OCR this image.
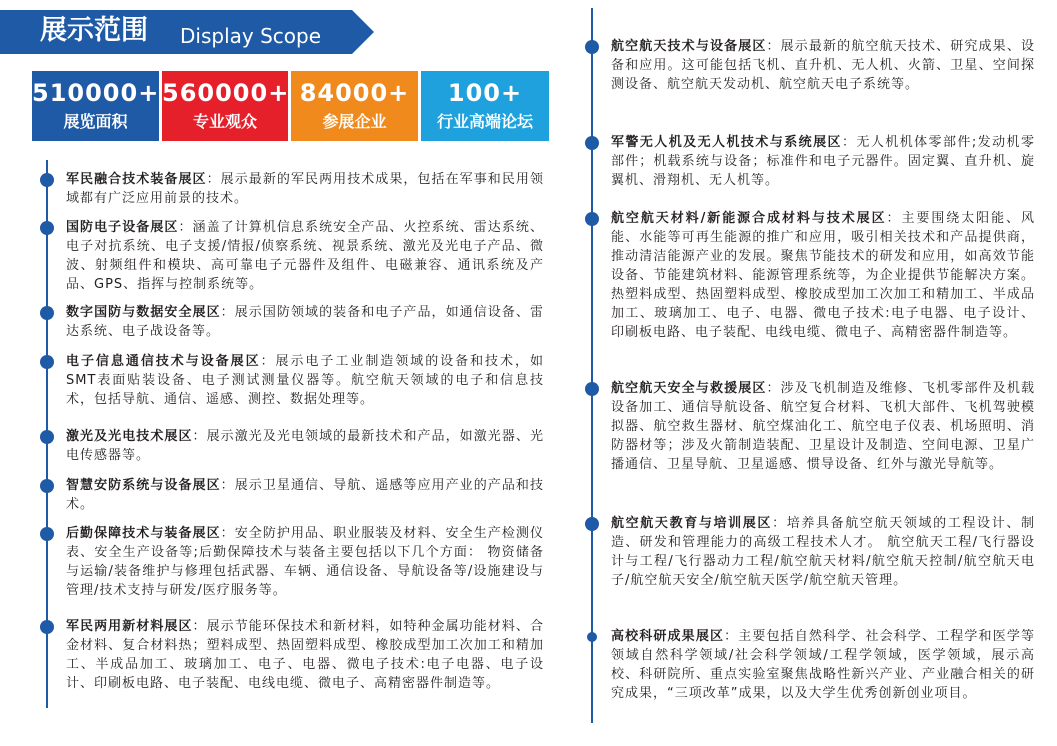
展示范围 Display Scope
510000+
展览面积
560000+
专业观众
84000+
参展企业
100+
行业高端论坛

军民融合技术装备展区：展示最新的军民两用技术成果，包括在军事和民用领域都有广泛应用前景的技术。

国防电子设备展区：涵盖了计算机信息系统安全产品、火控系统、雷达系统、电子对抗系统、电子支援/情报/侦察系统、视景系统、激光及光电子产品、微波、射频组件和模块、高可靠电子元器件及组件、电磁兼容、通讯系统及产品、GPS、指挥与控制系统等。

数字国防与数据安全展区：展示国防领域的装备和电子产品，如通信设备、雷达系统、电子战设备等。

电子信息通信技术与设备展区：展示电子工业制造领域的设备和技术，如SMT表面贴装设备、电子测试测量仪器等。航空航天领域的电子和信息技术，包括导航、通信、遥感、测控、数据处理等。

激光及光电技术展区：展示激光及光电领域的最新技术和产品，如激光器、光电传感器等。

智慧安防系统与设备展区：展示卫星通信、导航、遥感等应用产业的产品和技术。

后勤保障技术与装备展区：安全防护用品、职业服装及材料、安全生产检测仪表、安全生产设备等;后勤保障技术与装备主要包括以下几个方面： 物资储备与运输/装备维护与修理包括武器、车辆、通信设备、导航设备等/设施建设与管理/技术支持与研发/医疗服务等。

军民两用新材料展区：展示节能环保技术和新材料，如特种金属功能材料、合金材料、复合材料热；塑料成型、热固塑料成型、橡胶成型加工次加工和精加工、半成品加工、玻璃加工、电子、电器、微电子技术:电子电器、电子设计、印刷板电路、电子装配、电线电缆、微电子、高精密器件制造等。

航空航天技术与设备展区：展示最新的航空航天技术、研究成果、设备和应用。这可能包括飞机、直升机、无人机、火箭、卫星、空间探测设备、航空航天发动机、航空航天电子系统等。

军警无人机及无人机技术与系统展区：无人机机体零部件;发动机零部件；机载系统与设备；标准件和电子元器件。固定翼、直升机、旋翼机、滑翔机、无人机等。

航空航天材料/新能源合成材料与技术展区：主要围绕太阳能、风能、水能等可再生能源的推广和应用，吸引相关技术和产品提供商，推动清洁能源产业的发展。聚焦节能技术的研发和应用，如高效节能设备、节能建筑材料、能源管理系统等，为企业提供节能解决方案。热塑料成型、热固塑料成型、橡胶成型加工次加工和精加工、半成品加工、玻璃加工、电子、电器、微电子技术:电子电器、电子设计、印刷板电路、电子装配、电线电缆、微电子、高精密器件制造等。

航空航天安全与救援展区：涉及飞机制造及维修、飞机零部件及机载设备加工、通信导航设备、航空复合材料、飞机大部件、飞机驾驶模拟器、航空救生器材、航空煤油化工、航空电子仪表、机场照明、消防器材等；涉及火箭制造装配、卫星设计及制造、空间电源、卫星广播通信、卫星导航、卫星遥感、惯导设备、红外与激光导航等。

航空航天教育与培训展区：培养具备航空航天领域的工程设计、制造、研发和管理能力的高级工程技术人才。 航空航天工程/飞行器设计与工程/飞行器动力工程/航空航天材料/航空航天控制/航空航天电子/航空航天安全/航空航天医学/航空航天管理。

高校科研成果展区：主要包括自然科学、社会科学、工程学和医学等领域自然科学领域/社会科学领域/工程学领域，医学领域，展示高校、科研院所、重点实验室聚焦战略性新兴产业、产业融合相关的研究成果，“三项改革”成果，以及大学生优秀创新创业项目。
